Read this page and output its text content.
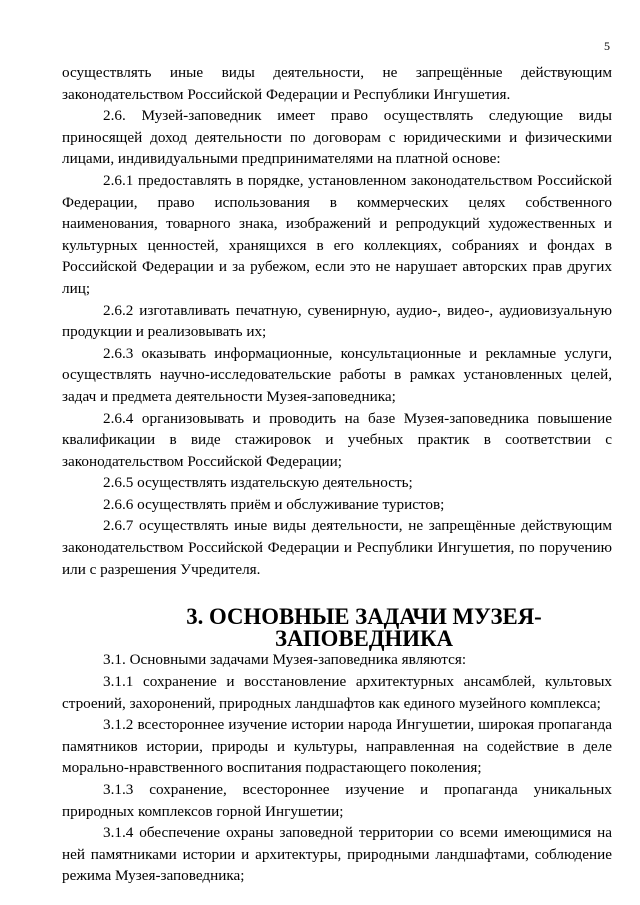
5

осуществлять иные виды деятельности, не запрещённые действующим законодательством Российской Федерации и Республики Ингушетия.

2.6. Музей-заповедник имеет право осуществлять следующие виды приносящей доход деятельности по договорам с юридическими и физическими лицами, индивидуальными предпринимателями на платной основе:

2.6.1 предоставлять в порядке, установленном законодательством Российской Федерации, право использования в коммерческих целях собственного наименования, товарного знака, изображений и репродукций художественных и культурных ценностей, хранящихся в его коллекциях, собраниях и фондах в Российской Федерации и за рубежом, если это не нарушает авторских прав других лиц;

2.6.2 изготавливать печатную, сувенирную, аудио-, видео-, аудиовизуальную продукции и реализовывать их;

2.6.3 оказывать информационные, консультационные и рекламные услуги, осуществлять научно-исследовательские работы в рамках установленных целей, задач и предмета деятельности Музея-заповедника;

2.6.4 организовывать и проводить на базе Музея-заповедника повышение квалификации в виде стажировок и учебных практик в соответствии с законодательством Российской Федерации;

2.6.5 осуществлять издательскую деятельность;

2.6.6 осуществлять приём и обслуживание туристов;

2.6.7 осуществлять иные виды деятельности, не запрещённые действующим законодательством Российской Федерации и Республики Ингушетия, по поручению или с разрешения Учредителя.

3. ОСНОВНЫЕ ЗАДАЧИ МУЗЕЯ-ЗАПОВЕДНИКА

3.1. Основными задачами Музея-заповедника являются:

3.1.1 сохранение и восстановление архитектурных ансамблей, культовых строений, захоронений, природных ландшафтов как единого музейного комплекса;

3.1.2 всестороннее изучение истории народа Ингушетии, широкая пропаганда памятников истории, природы и культуры, направленная на содействие в деле морально-нравственного воспитания подрастающего поколения;

3.1.3 сохранение, всестороннее изучение и пропаганда уникальных природных комплексов горной Ингушетии;

3.1.4 обеспечение охраны заповедной территории со всеми имеющимися на ней памятниками истории и архитектуры, природными ландшафтами, соблюдение режима Музея-заповедника;
